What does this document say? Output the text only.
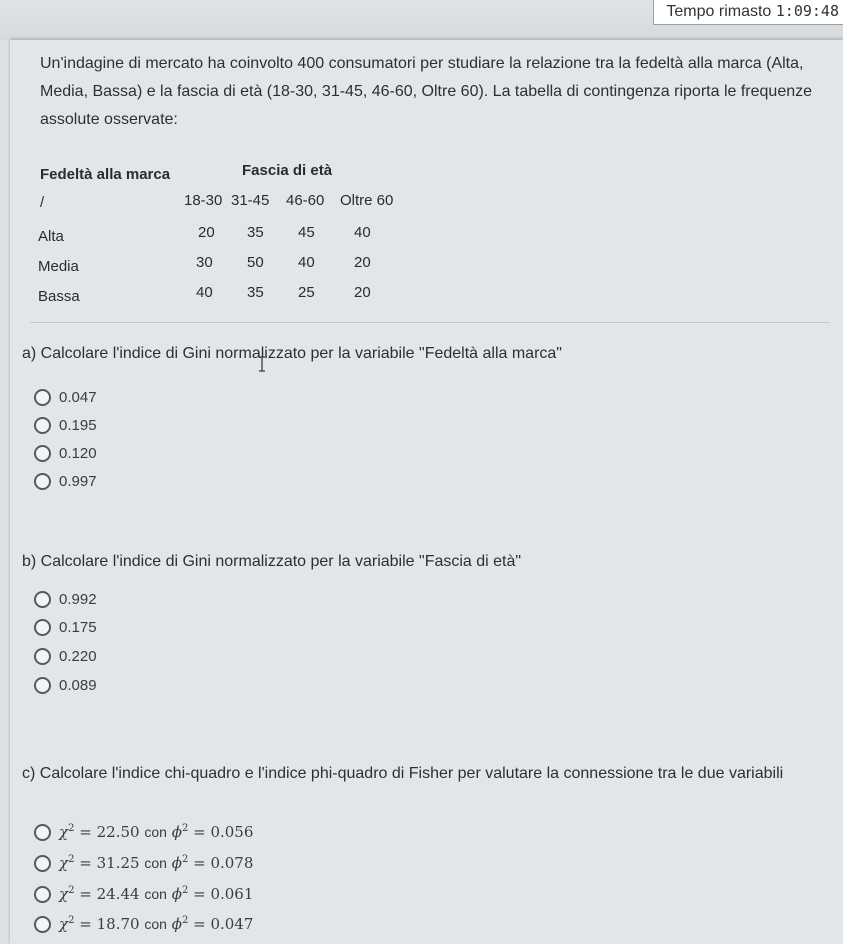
Tempo rimasto 1:09:48
Un'indagine di mercato ha coinvolto 400 consumatori per studiare la relazione tra la fedeltà alla marca (Alta, Media, Bassa) e la fascia di età (18-30, 31-45, 46-60, Oltre 60). La tabella di contingenza riporta le frequenze assolute osservate:
Fedeltà alla marca	Fascia di età
/	18-30 31-45 46-60 Oltre 60
Alta	20 35 45	40
Media	30 50 40	20
Bassa	40 35 25	20
a) Calcolare l'indice di Gini normalizzato per la variabile "Fedeltà alla marca"
0.047
0.195
0.120
0.997
b) Calcolare l'indice di Gini normalizzato per la variabile "Fascia di età"
0.992
0.175
0.220
0.089
c) Calcolare l'indice chi-quadro e l'indice phi-quadro di Fisher per valutare la connessione tra le due variabili
$\chi^2 = 22.50$ con $\phi^2 = 0.056$
$\chi^2 = 31.25$ con $\phi^2 = 0.078$
$\chi^2 = 24.44$ con $\phi^2 = 0.061$
$\chi^2 = 18.70$ con $\phi^2 = 0.047$
